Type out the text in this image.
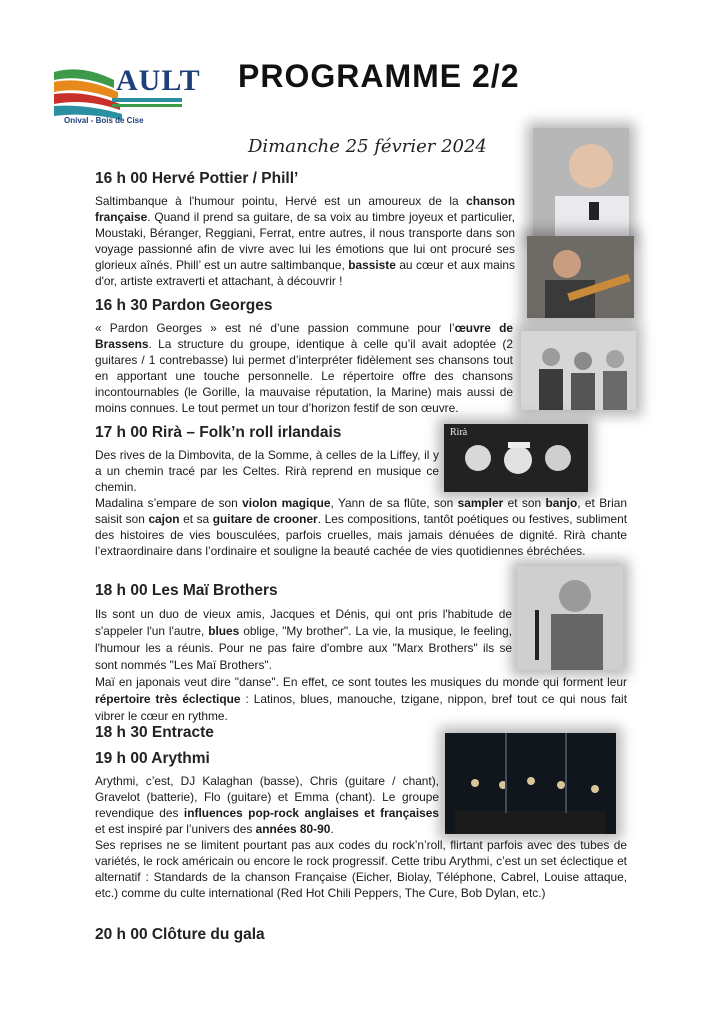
AULT
Onival - Bois de Cise
PROGRAMME 2/2
Dimanche 25 février 2024
Rirà
16 h 00 Hervé Pottier / Phill’
Saltimbanque à l'humour pointu, Hervé est un amoureux de la chanson française. Quand il prend sa guitare, de sa voix au timbre joyeux et particulier, Moustaki, Béranger, Reggiani, Ferrat, entre autres, il nous transporte dans son voyage passionné afin de vivre avec lui les émotions que lui ont procuré ses glorieux aînés. Phill’ est un autre saltimbanque, bassiste au cœur et aux mains d'or, artiste extraverti et attachant, à découvrir !
16 h 30 Pardon Georges
« Pardon Georges » est né d’une passion commune pour l’œuvre de Brassens. La structure du groupe, identique à celle qu’il avait adoptée (2 guitares / 1 contrebasse) lui permet d’interpréter fidèlement ses chansons tout en apportant une touche personnelle. Le répertoire offre des chansons incontournables (le Gorille, la mauvaise réputation, la Marine) mais aussi de moins connues. Le tout permet un tour d’horizon festif de son œuvre.
17 h 00 Rirà – Folk’n roll irlandais
Des rives de la Dimbovita, de la Somme, à celles de la Liffey, il y a un chemin tracé par les Celtes. Rirà reprend en musique ce chemin.
Madalina s’empare de son violon magique, Yann de sa flûte, son sampler et son banjo, et Brian saisit son cajon et sa guitare de crooner. Les compositions, tantôt poétiques ou festives, subliment des histoires de vies bousculées, parfois cruelles, mais jamais dénuées de dignité. Rirà chante l’extraordinaire dans l’ordinaire et souligne la beauté cachée de vies quotidiennes ébréchées.
18 h 00 Les Maï Brothers
Ils sont un duo de vieux amis, Jacques et Dénis, qui ont pris l'habitude de s'appeler l'un l'autre, blues oblige, "My brother". La vie, la musique, le feeling, l'humour les a réunis. Pour ne pas faire d'ombre aux "Marx Brothers" ils se sont nommés "Les Maï Brothers".
Maï en japonais veut dire "danse". En effet, ce sont toutes les musiques du monde qui forment leur répertoire très éclectique : Latinos, blues, manouche, tzigane, nippon, bref tout ce qui nous fait vibrer le cœur en rythme.
18 h 30 Entracte
19 h 00 Arythmi
Arythmi, c’est, DJ Kalaghan (basse), Chris (guitare / chant), Gravelot (batterie), Flo (guitare) et Emma (chant). Le groupe revendique des influences pop-rock anglaises et françaises et est inspiré par l’univers des années 80-90.
Ses reprises ne se limitent pourtant pas aux codes du rock’n’roll, flirtant parfois avec des tubes de variétés, le rock américain ou encore le rock progressif. Cette tribu Arythmi, c’est un set éclectique et alternatif : Standards de la chanson Française (Eicher, Biolay, Téléphone, Cabrel, Louise attaque, etc.) comme du culte international (Red Hot Chili Peppers, The Cure, Bob Dylan, etc.)
20 h 00 Clôture du gala
